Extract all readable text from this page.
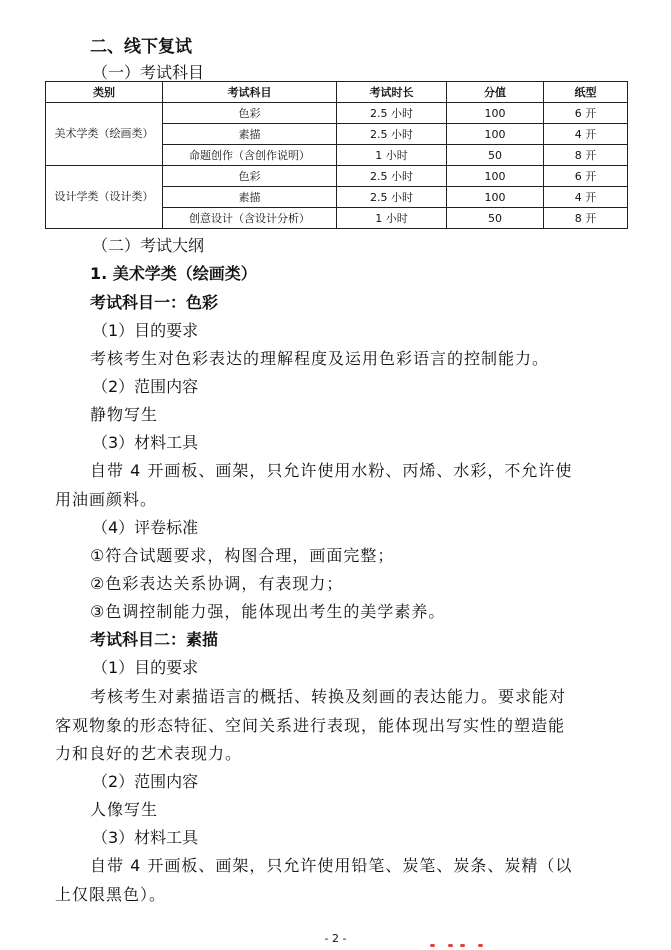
二、线下复试
（一）考试科目
类别	考试科目	考试时长	分值	纸型
美术学类（绘画类）	色彩	2.5 小时	100	6 开
	素描	2.5 小时	100	4 开
	命题创作（含创作说明）	1 小时	50	8 开
设计学类（设计类）	色彩	2.5 小时	100	6 开
	素描	2.5 小时	100	4 开
	创意设计（含设计分析）	1 小时	50	8 开
（二）考试大纲
1. 美术学类（绘画类）
考试科目一：色彩
（1）目的要求
考核考生对色彩表达的理解程度及运用色彩语言的控制能力。
（2）范围内容
静物写生
（3）材料工具
自带 4 开画板、画架，只允许使用水粉、丙烯、水彩，不允许使
用油画颜料。
（4）评卷标准
①符合试题要求，构图合理，画面完整；
②色彩表达关系协调，有表现力；
③色调控制能力强，能体现出考生的美学素养。
考试科目二：素描
（1）目的要求
考核考生对素描语言的概括、转换及刻画的表达能力。要求能对
客观物象的形态特征、空间关系进行表现，能体现出写实性的塑造能
力和良好的艺术表现力。
（2）范围内容
人像写生
（3）材料工具
自带 4 开画板、画架，只允许使用铅笔、炭笔、炭条、炭精（以
上仅限黑色）。
- 2 -
